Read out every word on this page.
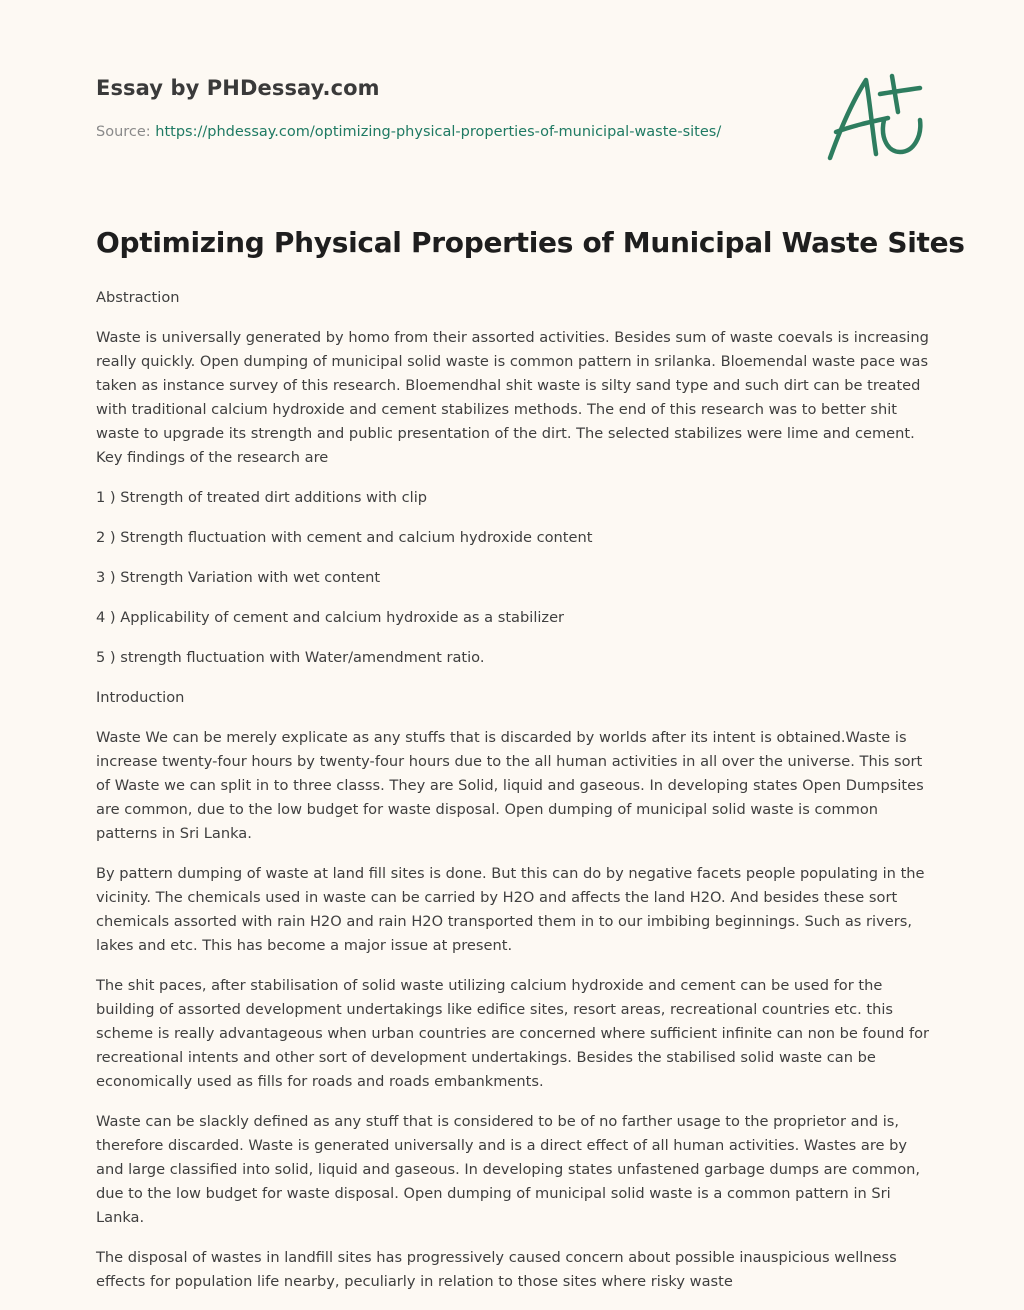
Essay by PHDessay.com
Source: https://phdessay.com/optimizing-physical-properties-of-municipal-waste-sites/
Optimizing Physical Properties of Municipal Waste Sites

Abstraction

Waste is universally generated by homo from their assorted activities. Besides sum of waste coevals is increasing really quickly. Open dumping of municipal solid waste is common pattern in srilanka. Bloemendal waste pace was taken as instance survey of this research. Bloemendhal shit waste is silty sand type and such dirt can be treated with traditional calcium hydroxide and cement stabilizes methods. The end of this research was to better shit waste to upgrade its strength and public presentation of the dirt. The selected stabilizes were lime and cement. Key findings of the research are

1 ) Strength of treated dirt additions with clip

2 ) Strength fluctuation with cement and calcium hydroxide content

3 ) Strength Variation with wet content

4 ) Applicability of cement and calcium hydroxide as a stabilizer

5 ) strength fluctuation with Water/amendment ratio.

Introduction

Waste We can be merely explicate as any stuffs that is discarded by worlds after its intent is obtained.Waste is increase twenty-four hours by twenty-four hours due to the all human activities in all over the universe. This sort of Waste we can split in to three classs. They are Solid, liquid and gaseous. In developing states Open Dumpsites are common, due to the low budget for waste disposal. Open dumping of municipal solid waste is common patterns in Sri Lanka.

By pattern dumping of waste at land fill sites is done. But this can do by negative facets people populating in the vicinity. The chemicals used in waste can be carried by H2O and affects the land H2O. And besides these sort chemicals assorted with rain H2O and rain H2O transported them in to our imbibing beginnings. Such as rivers, lakes and etc. This has become a major issue at present.

The shit paces, after stabilisation of solid waste utilizing calcium hydroxide and cement can be used for the building of assorted development undertakings like edifice sites, resort areas, recreational countries etc. this scheme is really advantageous when urban countries are concerned where sufficient infinite can non be found for recreational intents and other sort of development undertakings. Besides the stabilised solid waste can be economically used as fills for roads and roads embankments.

Waste can be slackly defined as any stuff that is considered to be of no farther usage to the proprietor and is, therefore discarded. Waste is generated universally and is a direct effect of all human activities. Wastes are by and large classified into solid, liquid and gaseous. In developing states unfastened garbage dumps are common, due to the low budget for waste disposal. Open dumping of municipal solid waste is a common pattern in Sri Lanka.

The disposal of wastes in landfill sites has progressively caused concern about possible inauspicious wellness effects for population life nearby, peculiarly in relation to those sites where risky waste
